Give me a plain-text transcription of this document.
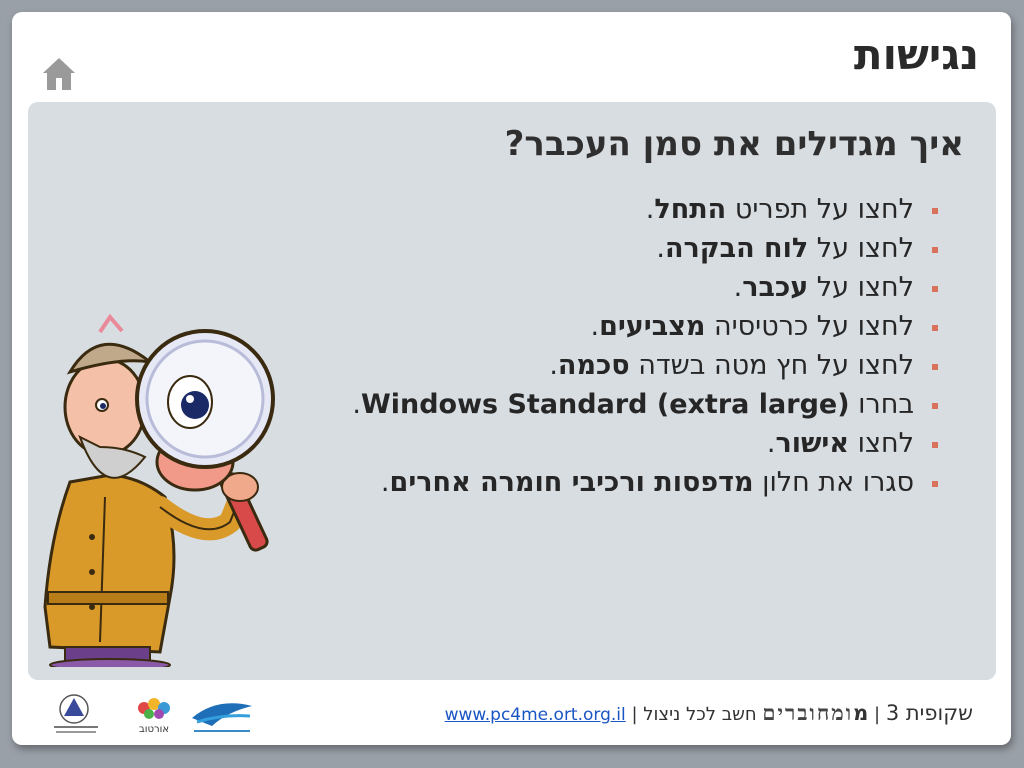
נגישות
איך מגדילים את סמן העכבר?
לחצו על תפריט התחל.
לחצו על לוח הבקרה.
לחצו על עכבר.
לחצו על כרטיסיה מצביעים.
לחצו על חץ מטה בשדה סכמה.
בחרו Windows Standard (extra large).
לחצו אישור.
סגרו את חלון מדפסות ורכיבי חומרה אחרים.
שקופית 3 | מומחוברים חשב לכל ניצול | www.pc4me.ort.org.il
אורטוב
